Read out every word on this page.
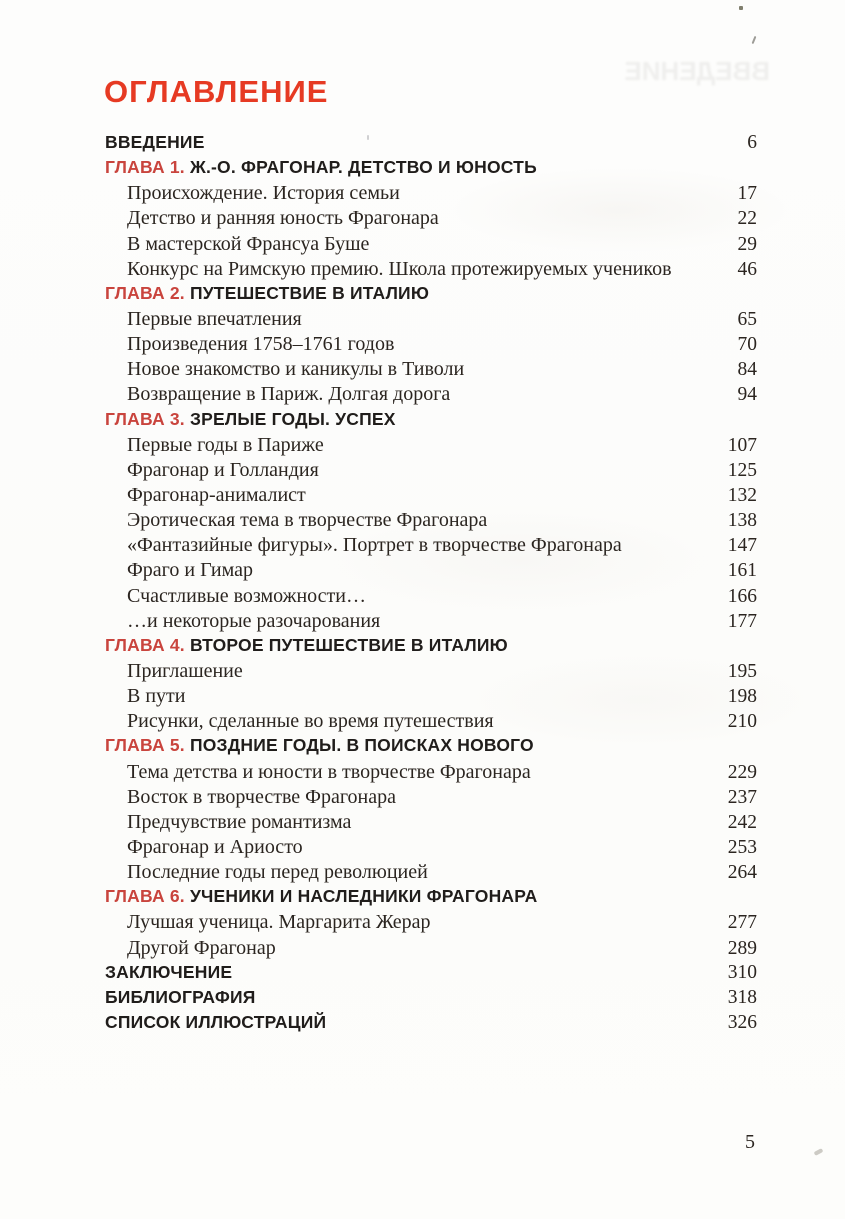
ОГЛАВЛЕНИЕ
ВВЕДЕНИЕ
ВВЕДЕНИЕ	6
ГЛАВА 1. Ж.-О. ФРАГОНАР. ДЕТСТВО И ЮНОСТЬ
Происхождение. История семьи	17
Детство и ранняя юность Фрагонара	22
В мастерской Франсуа Буше	29
Конкурс на Римскую премию. Школа протежируемых учеников	46
ГЛАВА 2. ПУТЕШЕСТВИЕ В ИТАЛИЮ
Первые впечатления	65
Произведения 1758–1761 годов	70
Новое знакомство и каникулы в Тиволи	84
Возвращение в Париж. Долгая дорога	94
ГЛАВА 3. ЗРЕЛЫЕ ГОДЫ. УСПЕХ
Первые годы в Париже	107
Фрагонар и Голландия	125
Фрагонар-анималист	132
Эротическая тема в творчестве Фрагонара	138
«Фантазийные фигуры». Портрет в творчестве Фрагонара	147
Фраго и Гимар	161
Счастливые возможности…	166
…и некоторые разочарования	177
ГЛАВА 4. ВТОРОЕ ПУТЕШЕСТВИЕ В ИТАЛИЮ
Приглашение	195
В пути	198
Рисунки, сделанные во время путешествия	210
ГЛАВА 5. ПОЗДНИЕ ГОДЫ. В ПОИСКАХ НОВОГО
Тема детства и юности в творчестве Фрагонара	229
Восток в творчестве Фрагонара	237
Предчувствие романтизма	242
Фрагонар и Ариосто	253
Последние годы перед революцией	264
ГЛАВА 6. УЧЕНИКИ И НАСЛЕДНИКИ ФРАГОНАРА
Лучшая ученица. Маргарита Жерар	277
Другой Фрагонар	289
ЗАКЛЮЧЕНИЕ	310
БИБЛИОГРАФИЯ	318
СПИСОК ИЛЛЮСТРАЦИЙ	326
5
